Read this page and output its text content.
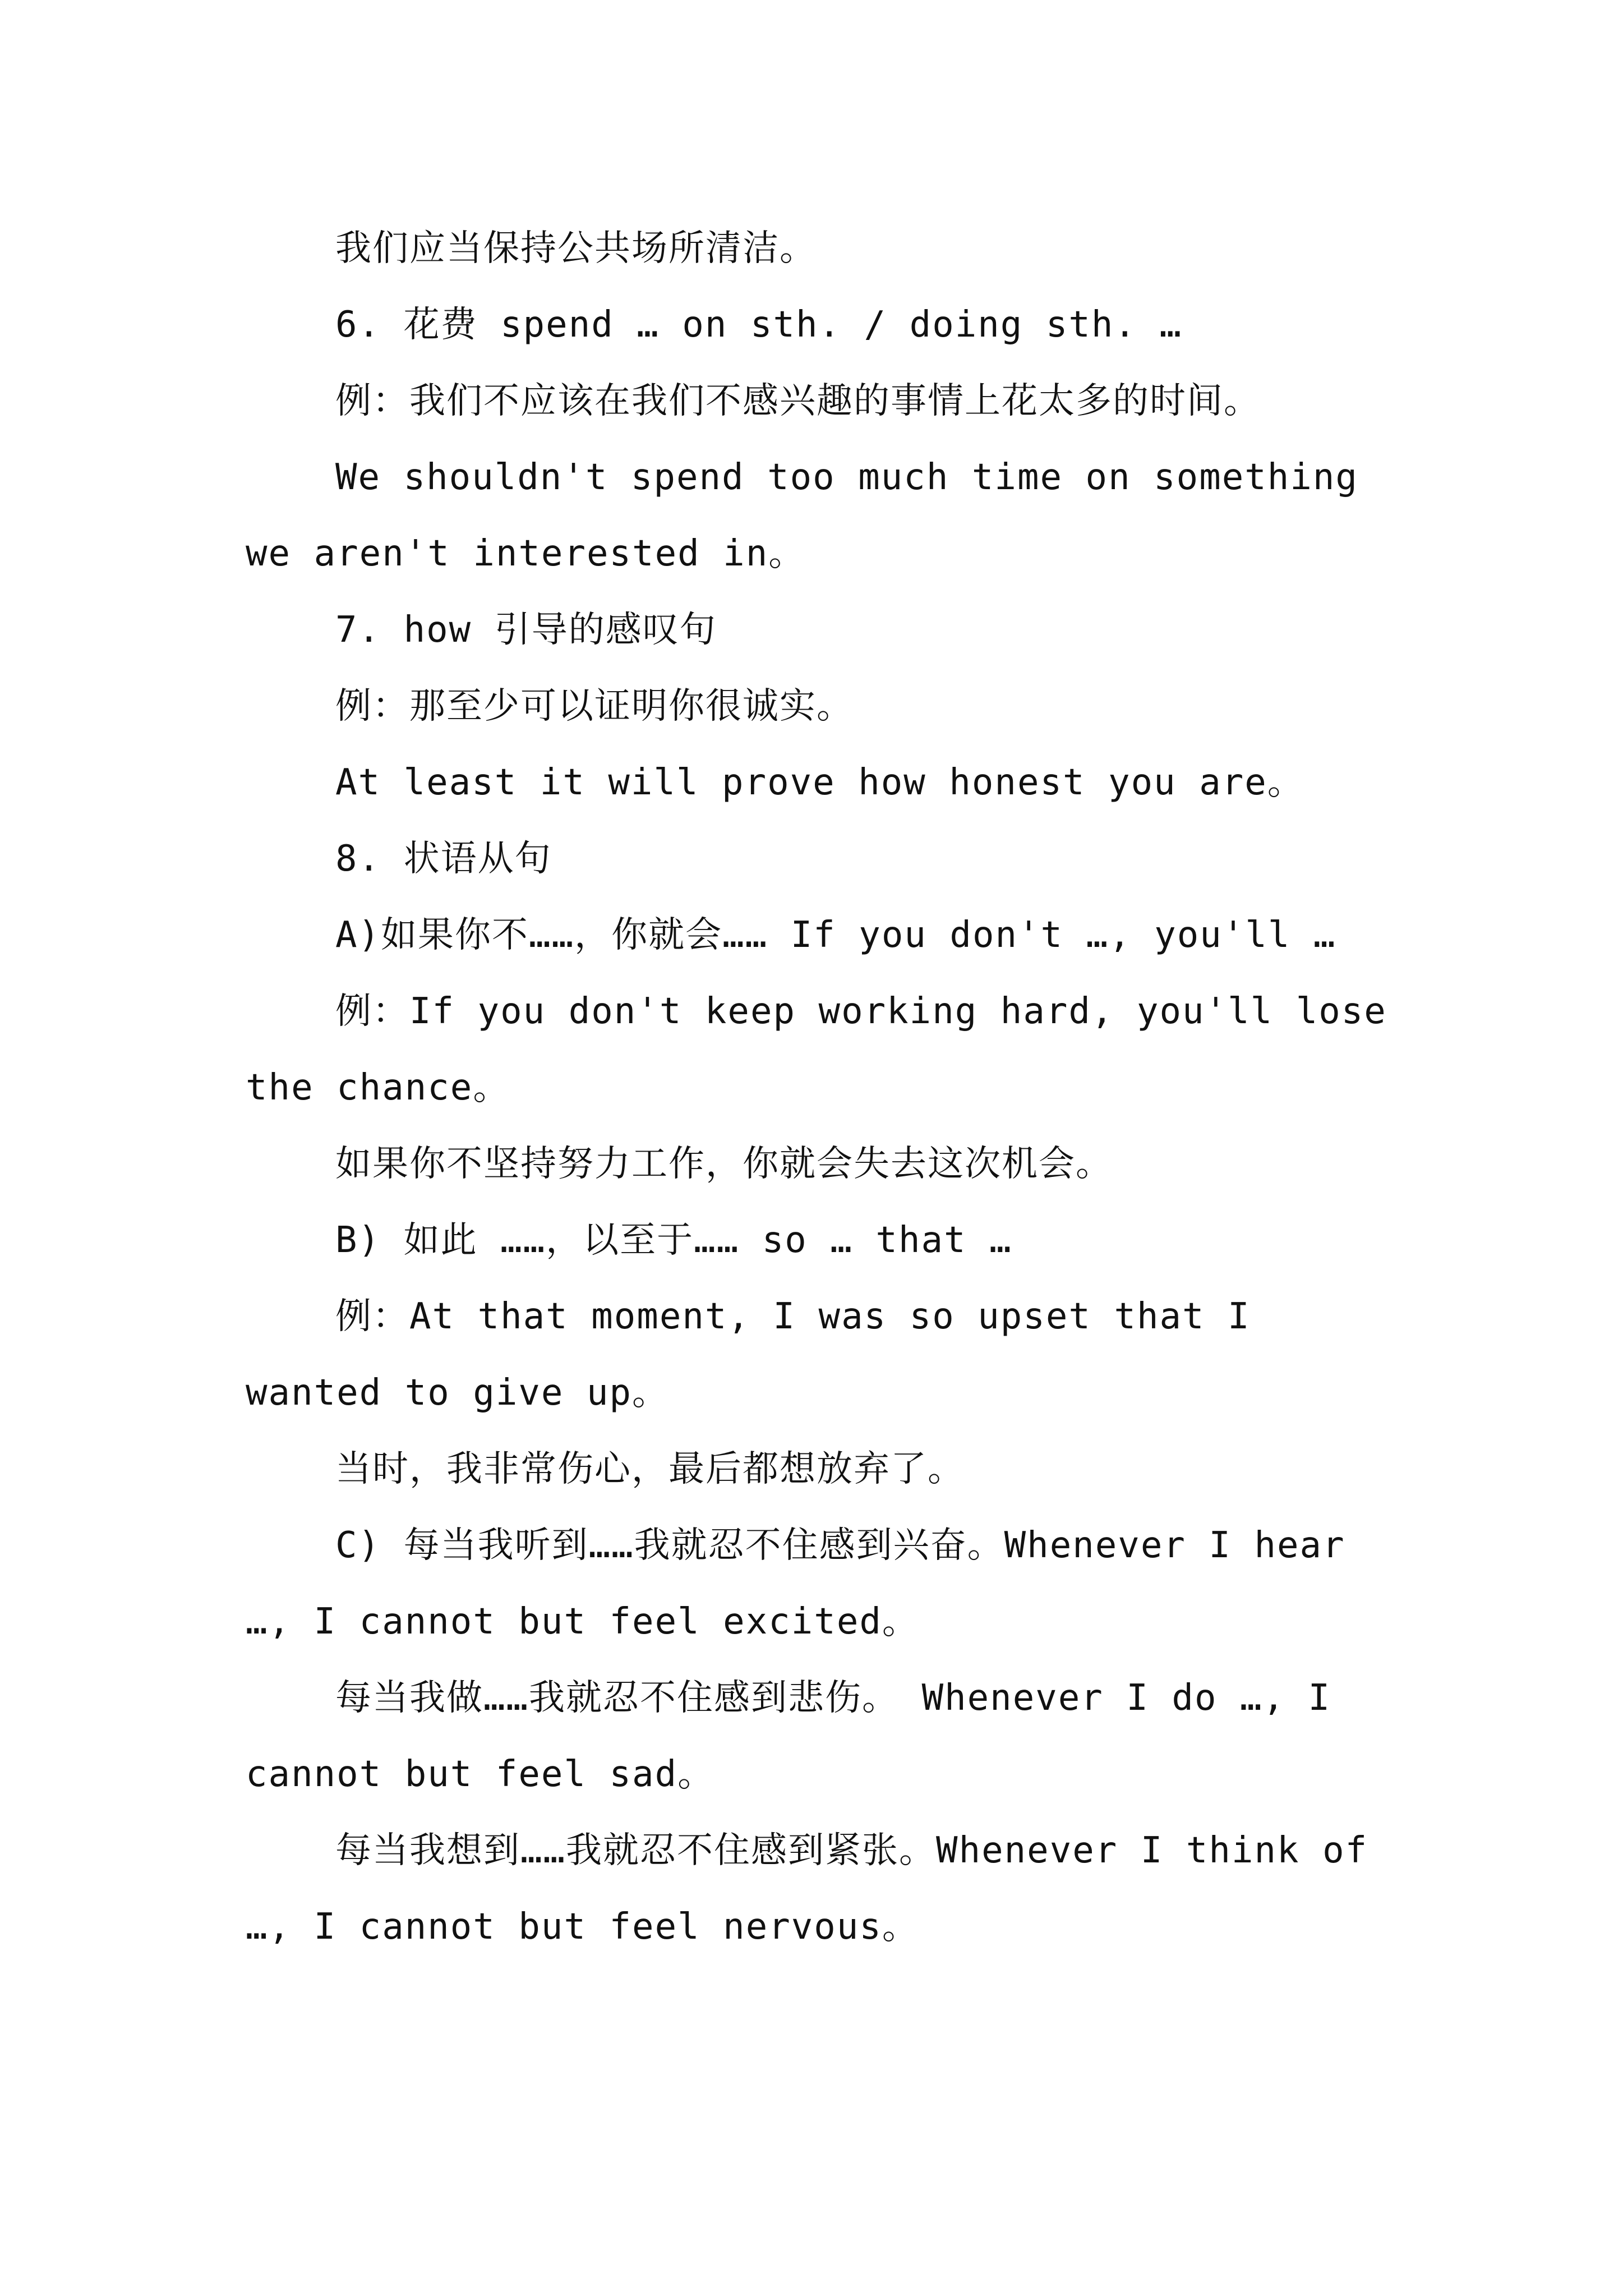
我们应当保持公共场所清洁。

6. 花费 spend … on sth. / doing sth. …

例：我们不应该在我们不感兴趣的事情上花太多的时间。

We shouldn't spend too much time on something we aren't interested in。

7. how 引导的感叹句

例：那至少可以证明你很诚实。

At least it will prove how honest you are。

8. 状语从句

A)如果你不……，你就会…… If you don't …, you'll …

例：If you don't keep working hard, you'll lose the chance。

如果你不坚持努力工作，你就会失去这次机会。

B) 如此 ……，以至于…… so … that …

例：At that moment, I was so upset that I wanted to give up。

当时，我非常伤心，最后都想放弃了。

C) 每当我听到……我就忍不住感到兴奋。Whenever I hear …, I cannot but feel excited。

每当我做……我就忍不住感到悲伤。 Whenever I do …, I cannot but feel sad。

每当我想到……我就忍不住感到紧张。Whenever I think of …, I cannot but feel nervous。
